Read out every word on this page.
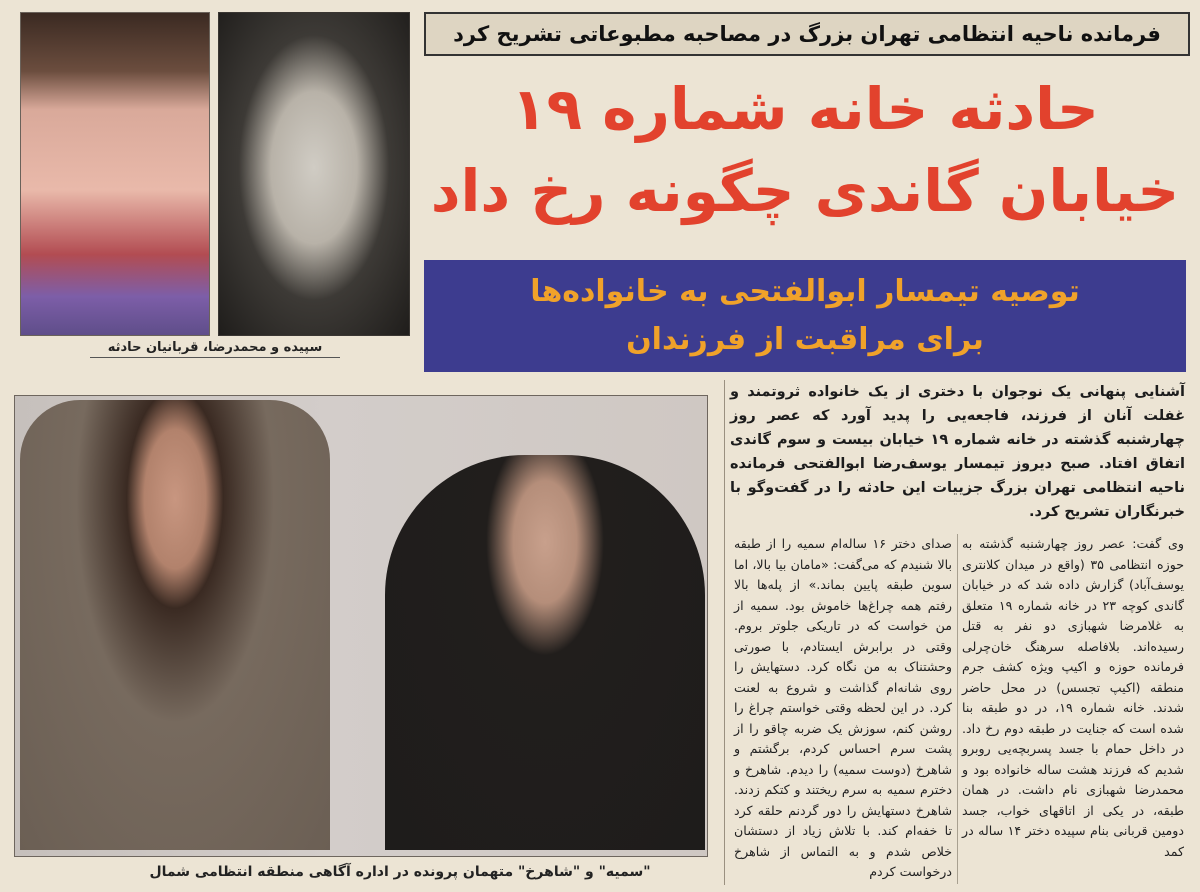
سپیده و محمدرضا، قربانیان حادثه
"سمیه" و "شاهرخ" متهمان پرونده در اداره آگاهی منطقه انتظامی شمال
فرمانده ناحیه انتظامی تهران بزرگ در مصاحبه مطبوعاتی تشریح کرد
حادثه خانه شماره ۱۹
خیابان گاندی چگونه رخ داد
توصیه تیمسار ابوالفتحی به خانواده‌ها
برای مراقبت از فرزندان
آشنایی پنهانی یک نوجوان با دختری از یک خانواده ثروتمند و غفلت آنان از فرزند، فاجعه‌یی را پدید آورد که عصر روز چهارشنبه گذشته در خانه شماره ۱۹ خیابان بیست و سوم گاندی اتفاق افتاد. صبح دیروز تیمسار یوسف‌رضا ابوالفتحی فرمانده ناحیه انتظامی تهران بزرگ جزییات این حادثه را در گفت‌وگو با خبرنگاران تشریح کرد.
وی گفت: عصر روز چهارشنبه گذشته به حوزه انتظامی ۳۵ (واقع در میدان کلانتری یوسف‌آباد) گزارش داده شد که در خیابان گاندی کوچه ۲۳ در خانه شماره ۱۹ متعلق به غلامرضا شهبازی دو نفر به قتل رسیده‌اند. بلافاصله سرهنگ خان‌چرلی فرمانده حوزه و اکیپ ویژه کشف جرم منطقه (اکیپ تجسس) در محل حاضر شدند. خانه شماره ۱۹، در دو طبقه بنا شده است که جنایت در طبقه دوم رخ داد. در داخل حمام با جسد پسربچه‌یی روبرو شدیم که فرزند هشت ساله خانواده بود و محمدرضا شهبازی نام داشت. در همان طبقه، در یکی از اتاقهای خواب، جسد دومین قربانی بنام سپیده دختر ۱۴ ساله در کمد
صدای دختر ۱۶ ساله‌ام سمیه را از طبقه بالا شنیدم که می‌گفت: «مامان بیا بالا، اما سوین طبقه پایین بماند.» از پله‌ها بالا رفتم همه چراغ‌ها خاموش بود. سمیه از من خواست که در تاریکی جلوتر بروم. وقتی در برابرش ایستادم، با صورتی وحشتناک به من نگاه کرد. دستهایش را روی شانه‌ام گذاشت و شروع به لعنت کرد. در این لحظه وقتی خواستم چراغ را روشن کنم، سوزش یک ضربه چاقو را از پشت سرم احساس کردم، برگشتم و شاهرخ (دوست سمیه) را دیدم. شاهرخ و دخترم سمیه به سرم ریختند و کتکم زدند. شاهرخ دستهایش را دور گردنم حلقه کرد تا خفه‌ام کند. با تلاش زیاد از دستشان خلاص شدم و به التماس از شاهرخ درخواست کردم
